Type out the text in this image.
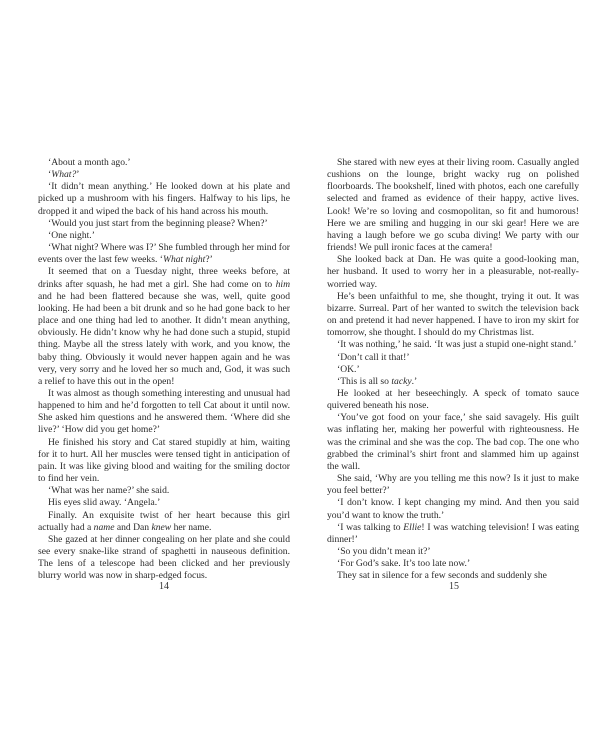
‘About a month ago.’

‘What?’

‘It didn’t mean anything.’ He looked down at his plate and picked up a mushroom with his fingers. Halfway to his lips, he dropped it and wiped the back of his hand across his mouth.

‘Would you just start from the beginning please? When?’

‘One night.’

‘What night? Where was I?’ She fumbled through her mind for events over the last few weeks. ‘What night?’

It seemed that on a Tuesday night, three weeks before, at drinks after squash, he had met a girl. She had come on to him and he had been flattered because she was, well, quite good looking. He had been a bit drunk and so he had gone back to her place and one thing had led to another. It didn’t mean anything, obviously. He didn’t know why he had done such a stupid, stupid thing. Maybe all the stress lately with work, and you know, the baby thing. Obviously it would never happen again and he was very, very sorry and he loved her so much and, God, it was such a relief to have this out in the open!

It was almost as though something interesting and unusual had happened to him and he’d forgotten to tell Cat about it until now. She asked him questions and he answered them. ‘Where did she live?’ ‘How did you get home?’

He finished his story and Cat stared stupidly at him, waiting for it to hurt. All her muscles were tensed tight in anticipation of pain. It was like giving blood and waiting for the smiling doctor to find her vein.

‘What was her name?’ she said.

His eyes slid away. ‘Angela.’

Finally. An exquisite twist of her heart because this girl actually had a name and Dan knew her name.

She gazed at her dinner congealing on her plate and she could see every snake-like strand of spaghetti in nauseous definition. The lens of a telescope had been clicked and her previously blurry world was now in sharp-edged focus.

14

She stared with new eyes at their living room. Casually angled cushions on the lounge, bright wacky rug on polished floorboards. The bookshelf, lined with photos, each one carefully selected and framed as evidence of their happy, active lives. Look! We’re so loving and cosmopolitan, so fit and humorous! Here we are smiling and hugging in our ski gear! Here we are having a laugh before we go scuba diving! We party with our friends! We pull ironic faces at the camera!

She looked back at Dan. He was quite a good-looking man, her husband. It used to worry her in a pleasurable, not-really-worried way.

He’s been unfaithful to me, she thought, trying it out. It was bizarre. Surreal. Part of her wanted to switch the television back on and pretend it had never happened. I have to iron my skirt for tomorrow, she thought. I should do my Christmas list.

‘It was nothing,’ he said. ‘It was just a stupid one-night stand.’

‘Don’t call it that!’

‘OK.’

‘This is all so tacky.’

He looked at her beseechingly. A speck of tomato sauce quivered beneath his nose.

‘You’ve got food on your face,’ she said savagely. His guilt was inflating her, making her powerful with righteousness. He was the criminal and she was the cop. The bad cop. The one who grabbed the criminal’s shirt front and slammed him up against the wall.

She said, ‘Why are you telling me this now? Is it just to make you feel better?’

‘I don’t know. I kept changing my mind. And then you said you’d want to know the truth.’

‘I was talking to Ellie! I was watching television! I was eating dinner!’

‘So you didn’t mean it?’

‘For God’s sake. It’s too late now.’

They sat in silence for a few seconds and suddenly she

15
